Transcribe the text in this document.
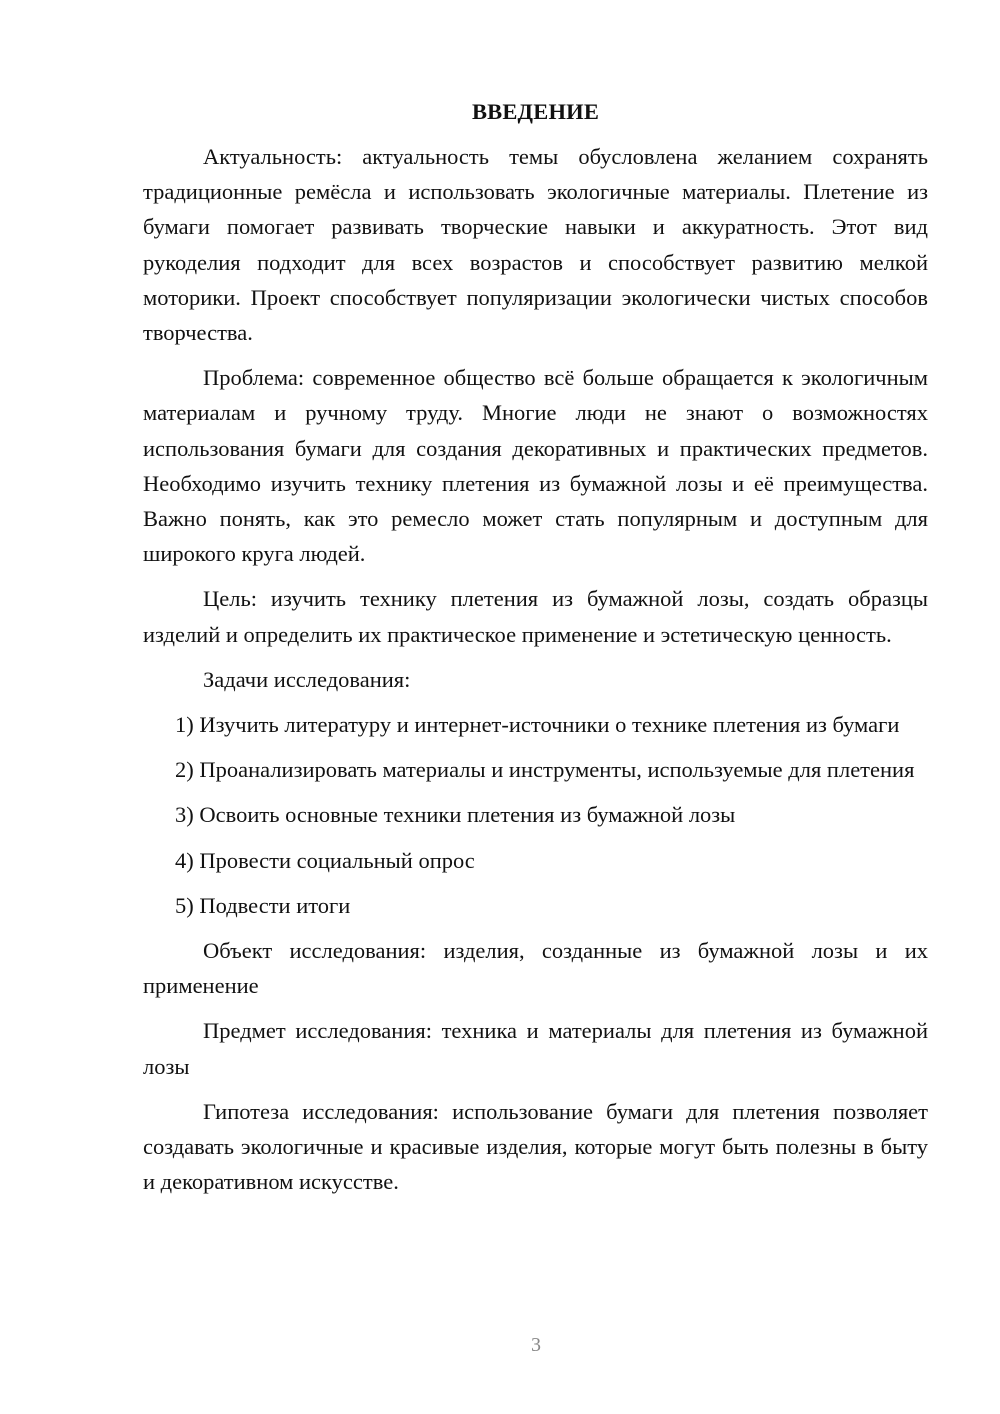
ВВЕДЕНИЕ

Актуальность: актуальность темы обусловлена желанием сохранять традиционные ремёсла и использовать экологичные материалы. Плетение из бумаги помогает развивать творческие навыки и аккуратность. Этот вид рукоделия подходит для всех возрастов и способствует развитию мелкой моторики. Проект способствует популяризации экологически чистых способов творчества.

Проблема: современное общество всё больше обращается к экологичным материалам и ручному труду. Многие люди не знают о возможностях использования бумаги для создания декоративных и практических предметов. Необходимо изучить технику плетения из бумажной лозы и её преимущества. Важно понять, как это ремесло может стать популярным и доступным для широкого круга людей.

Цель: изучить технику плетения из бумажной лозы, создать образцы изделий и определить их практическое применение и эстетическую ценность.

Задачи исследования:

1) Изучить литературу и интернет-источники о технике плетения из бумаги

2) Проанализировать материалы и инструменты, используемые для плетения

3) Освоить основные техники плетения из бумажной лозы

4) Провести социальный опрос

5) Подвести итоги

Объект исследования: изделия, созданные из бумажной лозы и их применение

Предмет исследования: техника и материалы для плетения из бумажной лозы

Гипотеза исследования: использование бумаги для плетения позволяет создавать экологичные и красивые изделия, которые могут быть полезны в быту и декоративном искусстве.

3
